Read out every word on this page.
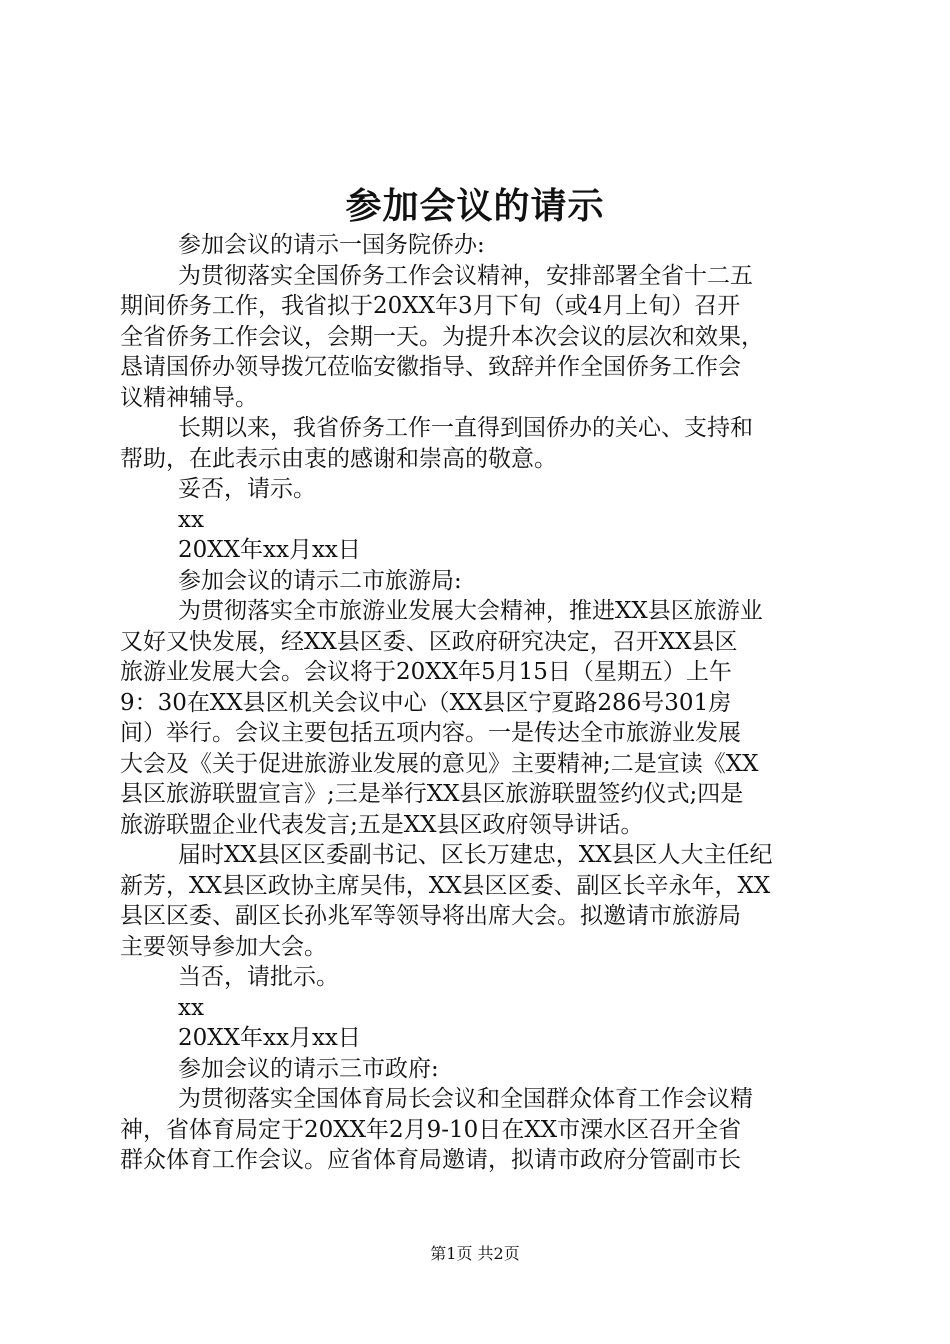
参加会议的请示
参加会议的请示一国务院侨办:
为贯彻落实全国侨务工作会议精神，安排部署全省十二五
期间侨务工作，我省拟于20XX年3月下旬（或4月上旬）召开
全省侨务工作会议，会期一天。为提升本次会议的层次和效果，
恳请国侨办领导拨冗莅临安徽指导、致辞并作全国侨务工作会
议精神辅导。
长期以来，我省侨务工作一直得到国侨办的关心、支持和
帮助，在此表示由衷的感谢和崇高的敬意。
妥否，请示。
xx
20XX年xx月xx日
参加会议的请示二市旅游局:
为贯彻落实全市旅游业发展大会精神，推进XX县区旅游业
又好又快发展，经XX县区委、区政府研究决定，召开XX县区
旅游业发展大会。会议将于20XX年5月15日（星期五）上午
9：30在XX县区机关会议中心（XX县区宁夏路286号301房
间）举行。会议主要包括五项内容。一是传达全市旅游业发展
大会及《关于促进旅游业发展的意见》主要精神;二是宣读《XX
县区旅游联盟宣言》;三是举行XX县区旅游联盟签约仪式;四是
旅游联盟企业代表发言;五是XX县区政府领导讲话。
届时XX县区区委副书记、区长万建忠，XX县区人大主任纪
新芳，XX县区政协主席吴伟，XX县区区委、副区长辛永年，XX
县区区委、副区长孙兆军等领导将出席大会。拟邀请市旅游局
主要领导参加大会。
当否，请批示。
xx
20XX年xx月xx日
参加会议的请示三市政府:
为贯彻落实全国体育局长会议和全国群众体育工作会议精
神，省体育局定于20XX年2月9-10日在XX市溧水区召开全省
群众体育工作会议。应省体育局邀请，拟请市政府分管副市长
第1页 共2页
